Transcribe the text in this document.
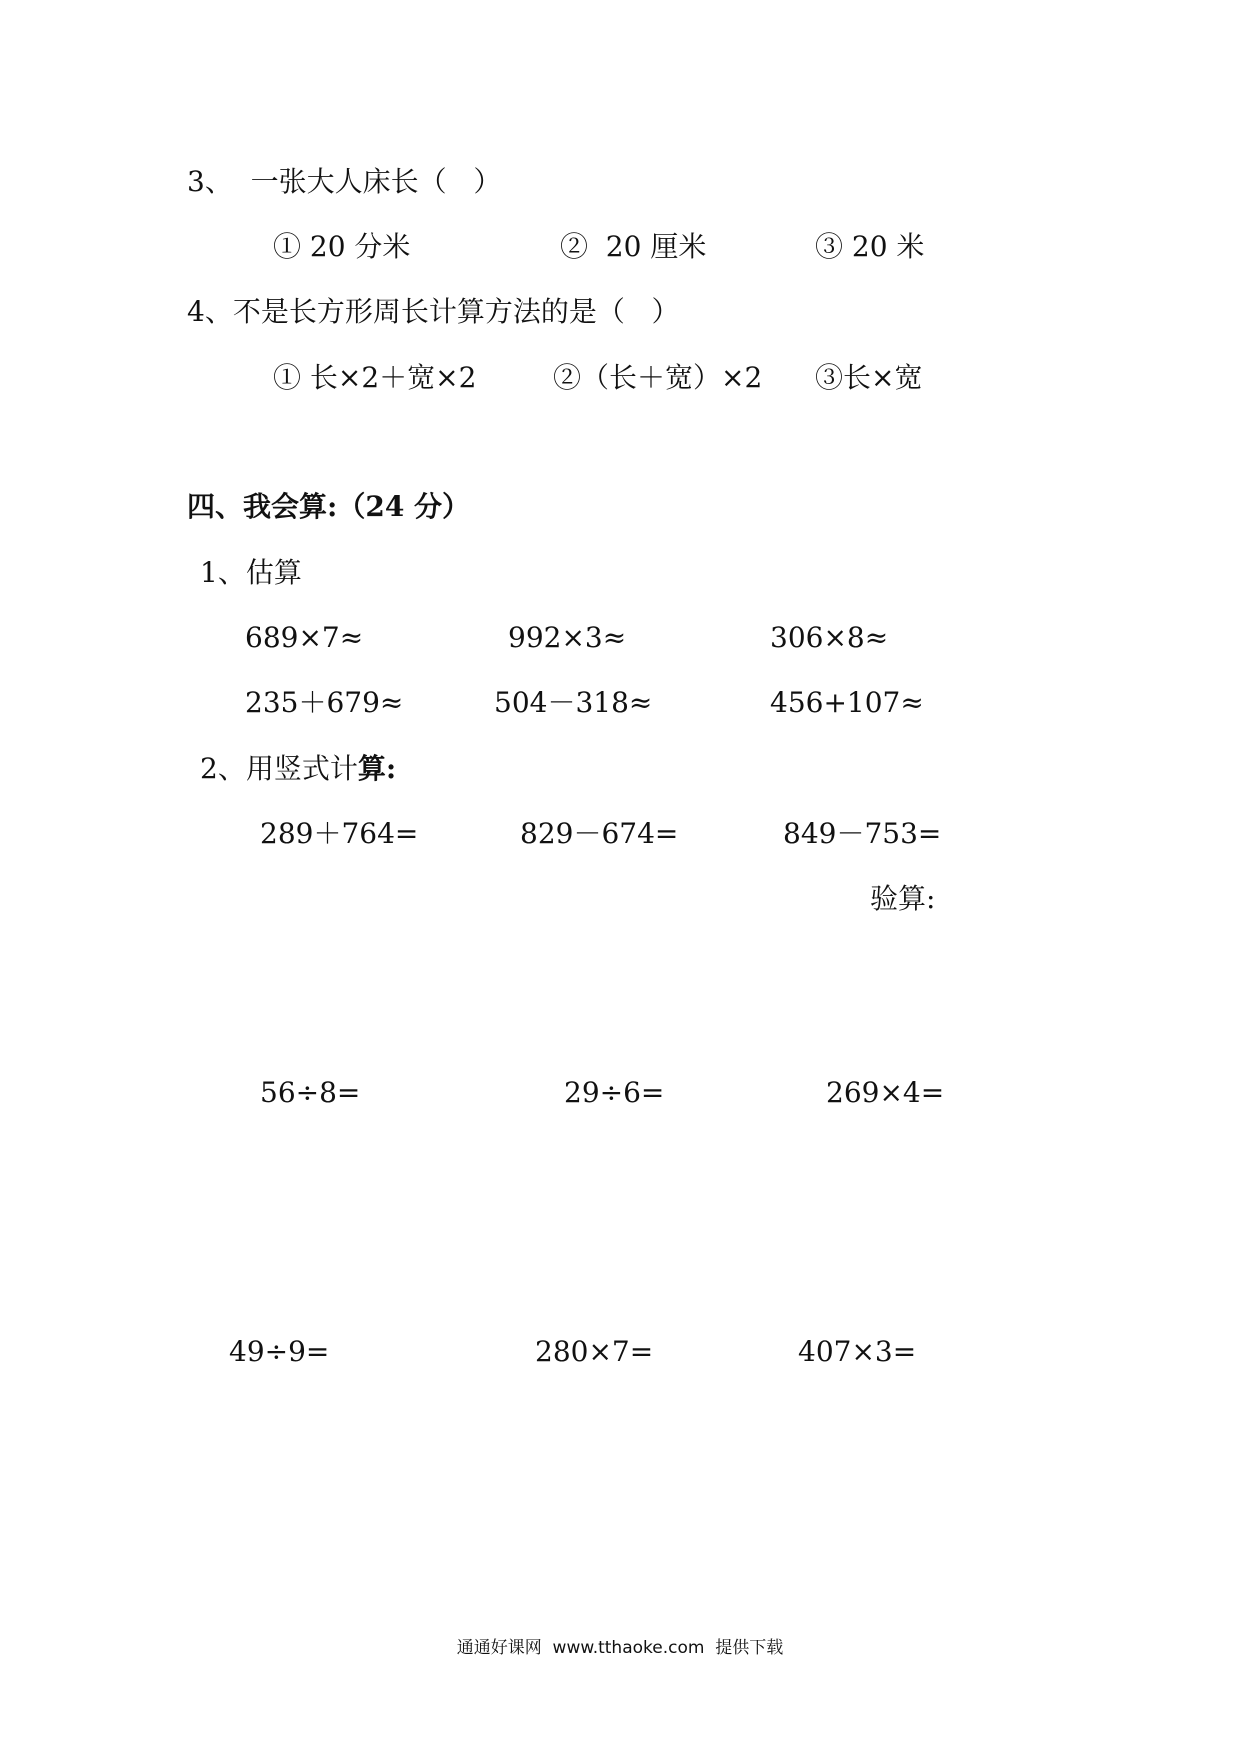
3、  一张大人床长（   ）
① 20 分米	②  20 厘米	③ 20 米
4、不是长方形周长计算方法的是（   ）
① 长×2＋宽×2	②（长＋宽）×2 ③长×宽
四、我会算:（24 分）
1、估算
689×7≈	992×3≈	306×8≈
235＋679≈	504－318≈	456+107≈
2、用竖式计算:
289＋764=	829－674=	849－753=
验算:
56÷8=	29÷6=	269×4=
49÷9=	280×7=	407×3=
通通好课网  www.tthaoke.com  提供下载
